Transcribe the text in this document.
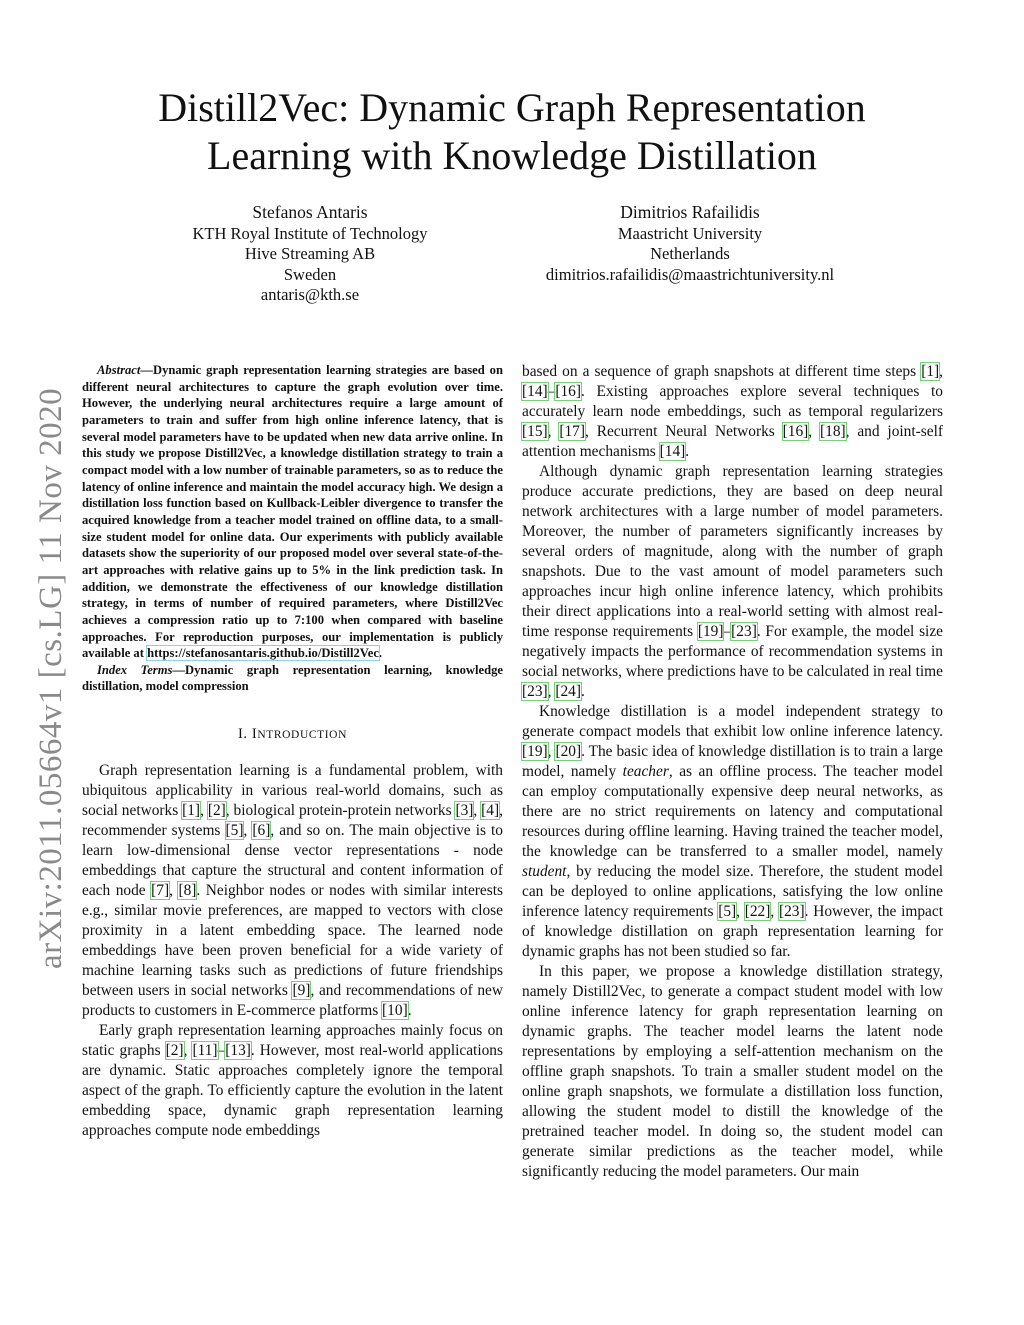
arXiv:2011.05664v1 [cs.LG] 11 Nov 2020
Distill2Vec: Dynamic Graph Representation
Learning with Knowledge Distillation
Stefanos Antaris
KTH Royal Institute of Technology
Hive Streaming AB
Sweden
antaris@kth.se
Dimitrios Rafailidis
Maastricht University
Netherlands
dimitrios.rafailidis@maastrichtuniversity.nl

Abstract—Dynamic graph representation learning strategies are based on different neural architectures to capture the graph evolution over time. However, the underlying neural architectures require a large amount of parameters to train and suffer from high online inference latency, that is several model parameters have to be updated when new data arrive online. In this study we propose Distill2Vec, a knowledge distillation strategy to train a compact model with a low number of trainable parameters, so as to reduce the latency of online inference and maintain the model accuracy high. We design a distillation loss function based on Kullback-Leibler divergence to transfer the acquired knowledge from a teacher model trained on offline data, to a small-size student model for online data. Our experiments with publicly available datasets show the superiority of our proposed model over several state-of-the-art approaches with relative gains up to 5% in the link prediction task. In addition, we demonstrate the effectiveness of our knowledge distillation strategy, in terms of number of required parameters, where Distill2Vec achieves a compression ratio up to 7:100 when compared with baseline approaches. For reproduction purposes, our implementation is publicly available at https://stefanosantaris.github.io/Distill2Vec.

Index Terms—Dynamic graph representation learning, knowledge distillation, model compression

I. INTRODUCTION

Graph representation learning is a fundamental problem, with ubiquitous applicability in various real-world domains, such as social networks [1], [2], biological protein-protein networks [3], [4], recommender systems [5], [6], and so on. The main objective is to learn low-dimensional dense vector representations - node embeddings that capture the structural and content information of each node [7], [8]. Neighbor nodes or nodes with similar interests e.g., similar movie preferences, are mapped to vectors with close proximity in a latent embedding space. The learned node embeddings have been proven beneficial for a wide variety of machine learning tasks such as predictions of future friendships between users in social networks [9], and recommendations of new products to customers in E-commerce platforms [10].

Early graph representation learning approaches mainly focus on static graphs [2], [11]–[13]. However, most real-world applications are dynamic. Static approaches completely ignore the temporal aspect of the graph. To efficiently capture the evolution in the latent embedding space, dynamic graph representation learning approaches compute node embeddings

based on a sequence of graph snapshots at different time steps [1], [14]–[16]. Existing approaches explore several techniques to accurately learn node embeddings, such as temporal regularizers [15], [17], Recurrent Neural Networks [16], [18], and joint-self attention mechanisms [14].

Although dynamic graph representation learning strategies produce accurate predictions, they are based on deep neural network architectures with a large number of model parameters. Moreover, the number of parameters significantly increases by several orders of magnitude, along with the number of graph snapshots. Due to the vast amount of model parameters such approaches incur high online inference latency, which prohibits their direct applications into a real-world setting with almost real-time response requirements [19]–[23]. For example, the model size negatively impacts the performance of recommendation systems in social networks, where predictions have to be calculated in real time [23], [24].

Knowledge distillation is a model independent strategy to generate compact models that exhibit low online inference latency. [19], [20]. The basic idea of knowledge distillation is to train a large model, namely teacher, as an offline process. The teacher model can employ computationally expensive deep neural networks, as there are no strict requirements on latency and computational resources during offline learning. Having trained the teacher model, the knowledge can be transferred to a smaller model, namely student, by reducing the model size. Therefore, the student model can be deployed to online applications, satisfying the low online inference latency requirements [5], [22], [23]. However, the impact of knowledge distillation on graph representation learning for dynamic graphs has not been studied so far.

In this paper, we propose a knowledge distillation strategy, namely Distill2Vec, to generate a compact student model with low online inference latency for graph representation learning on dynamic graphs. The teacher model learns the latent node representations by employing a self-attention mechanism on the offline graph snapshots. To train a smaller student model on the online graph snapshots, we formulate a distillation loss function, allowing the student model to distill the knowledge of the pretrained teacher model. In doing so, the student model can generate similar predictions as the teacher model, while significantly reducing the model parameters. Our main
